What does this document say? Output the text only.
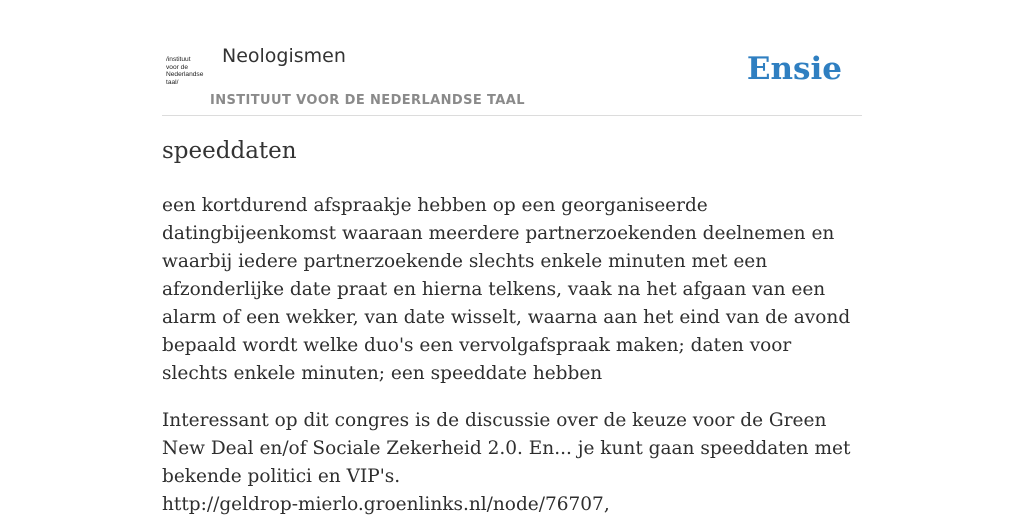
/instituut
voor de
Nederlandse
taal/
Neologismen
INSTITUUT VOOR DE NEDERLANDSE TAAL
Ensie
speeddaten

een kortdurend afspraakje hebben op een georganiseerde datingbijeenkomst waaraan meerdere partnerzoekenden deelnemen en waarbij iedere partnerzoekende slechts enkele minuten met een afzonderlijke date praat en hierna telkens, vaak na het afgaan van een alarm of een wekker, van date wisselt, waarna aan het eind van de avond bepaald wordt welke duo's een vervolgafspraak maken; daten voor slechts enkele minuten; een speeddate hebben

Interessant op dit congres is de discussie over de keuze voor de Green New Deal en/of Sociale Zekerheid 2.0. En... je kunt gaan speeddaten met bekende politici en VIP's.
http://geldrop-mierlo.groenlinks.nl/node/76707,
